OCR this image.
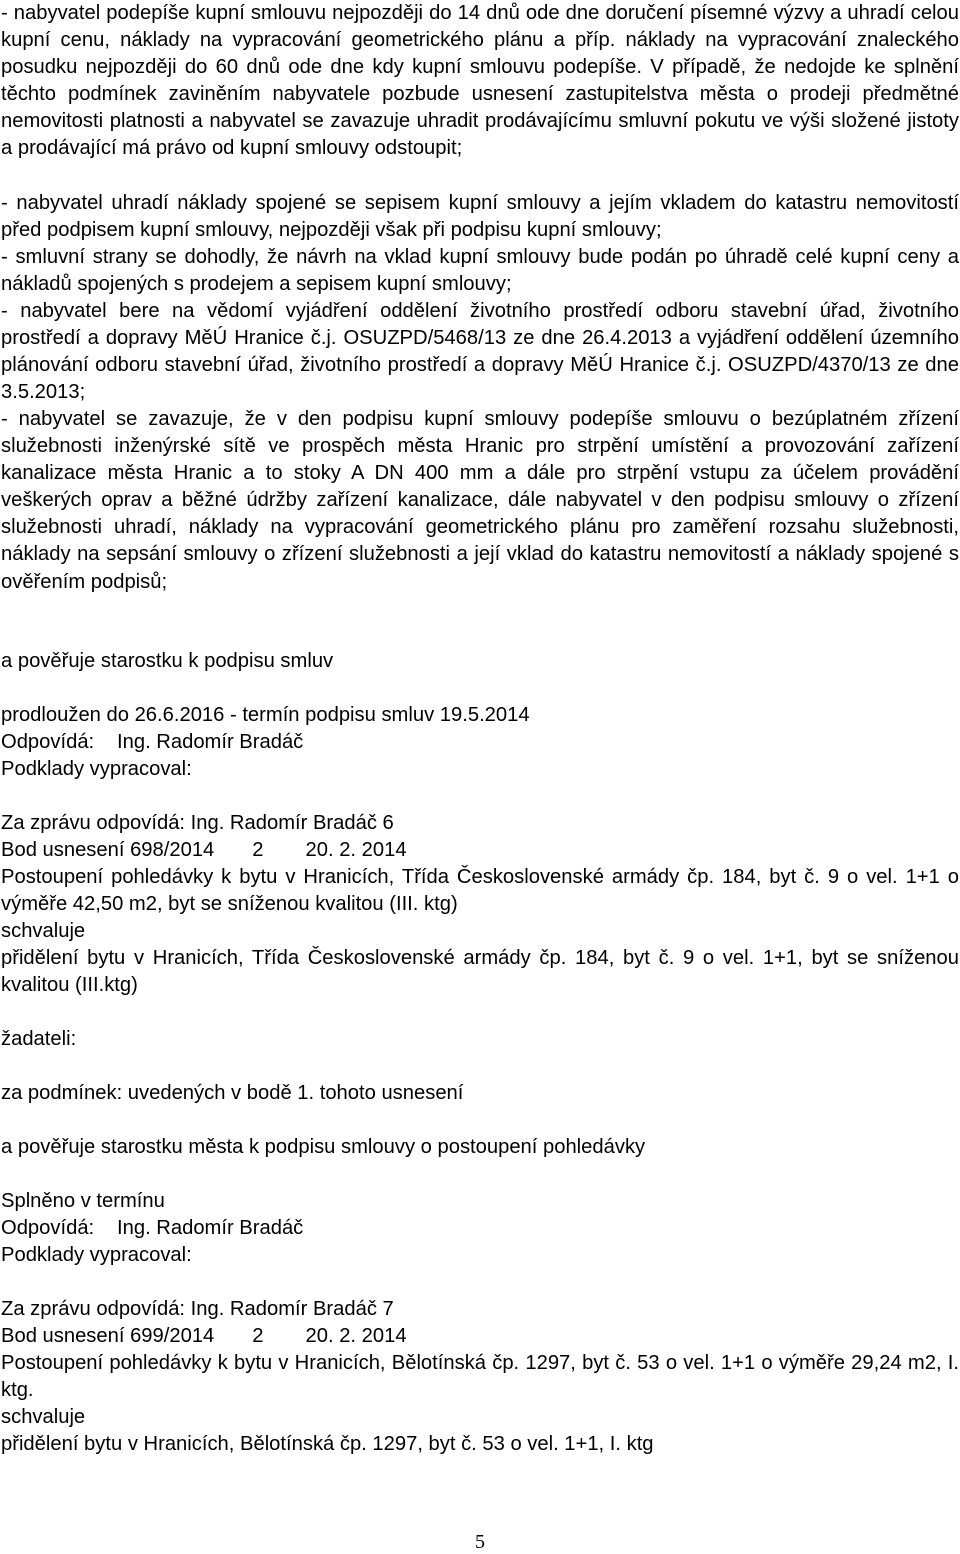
- nabyvatel podepíše kupní smlouvu nejpozději do 14 dnů ode dne doručení písemné výzvy a uhradí celou kupní cenu, náklady na vypracování geometrického plánu a příp. náklady na vypracování znaleckého posudku nejpozději do 60 dnů ode dne kdy kupní smlouvu podepíše. V případě, že nedojde ke splnění těchto podmínek zaviněním nabyvatele pozbude usnesení zastupitelstva města o prodeji předmětné nemovitosti platnosti a nabyvatel se zavazuje uhradit prodávajícímu smluvní pokutu ve výši složené jistoty a prodávající má právo od kupní smlouvy odstoupit;

- nabyvatel uhradí náklady spojené se sepisem kupní smlouvy a jejím vkladem do katastru nemovitostí před podpisem kupní smlouvy, nejpozději však při podpisu kupní smlouvy;

- smluvní strany se dohodly, že návrh na vklad kupní smlouvy bude podán po úhradě celé kupní ceny a nákladů spojených s prodejem a sepisem kupní smlouvy;

- nabyvatel bere na vědomí vyjádření oddělení životního prostředí odboru stavební úřad, životního prostředí a dopravy MěÚ Hranice č.j. OSUZPD/5468/13 ze dne 26.4.2013 a vyjádření oddělení územního plánování odboru stavební úřad, životního prostředí a dopravy MěÚ Hranice č.j. OSUZPD/4370/13 ze dne 3.5.2013;

- nabyvatel se zavazuje, že v den podpisu kupní smlouvy podepíše smlouvu o bezúplatném zřízení služebnosti inženýrské sítě ve prospěch města Hranic pro strpění umístění a provozování zařízení kanalizace města Hranic a to stoky A DN 400 mm a dále pro strpění vstupu za účelem provádění veškerých oprav a běžné údržby zařízení kanalizace, dále nabyvatel v den podpisu smlouvy o zřízení služebnosti uhradí, náklady na vypracování geometrického plánu pro zaměření rozsahu služebnosti, náklady na sepsání smlouvy o zřízení služebnosti a její vklad do katastru nemovitostí a náklady spojené s ověřením podpisů;

a pověřuje starostku k podpisu smluv

prodloužen do 26.6.2016 - termín podpisu smluv 19.5.2014

Odpovídá: Ing. Radomír Bradáč

Podklady vypracoval:

Za zprávu odpovídá: Ing. Radomír Bradáč 6

Bod usnesení 698/2014 2 20. 2. 2014

Postoupení pohledávky k bytu v Hranicích, Třída Československé armády čp. 184, byt č. 9 o vel. 1+1 o výměře 42,50 m2, byt se sníženou kvalitou (III. ktg)

schvaluje

přidělení bytu v Hranicích, Třída Československé armády čp. 184, byt č. 9 o vel. 1+1, byt se sníženou kvalitou (III.ktg)

žadateli:

za podmínek: uvedených v bodě 1. tohoto usnesení

a pověřuje starostku města k podpisu smlouvy o postoupení pohledávky

Splněno v termínu

Odpovídá: Ing. Radomír Bradáč

Podklady vypracoval:

Za zprávu odpovídá: Ing. Radomír Bradáč 7

Bod usnesení 699/2014 2 20. 2. 2014

Postoupení pohledávky k bytu v Hranicích, Bělotínská čp. 1297, byt č. 53 o vel. 1+1 o výměře 29,24 m2, I. ktg.

schvaluje

přidělení bytu v Hranicích, Bělotínská čp. 1297, byt č. 53 o vel. 1+1, I. ktg

5
